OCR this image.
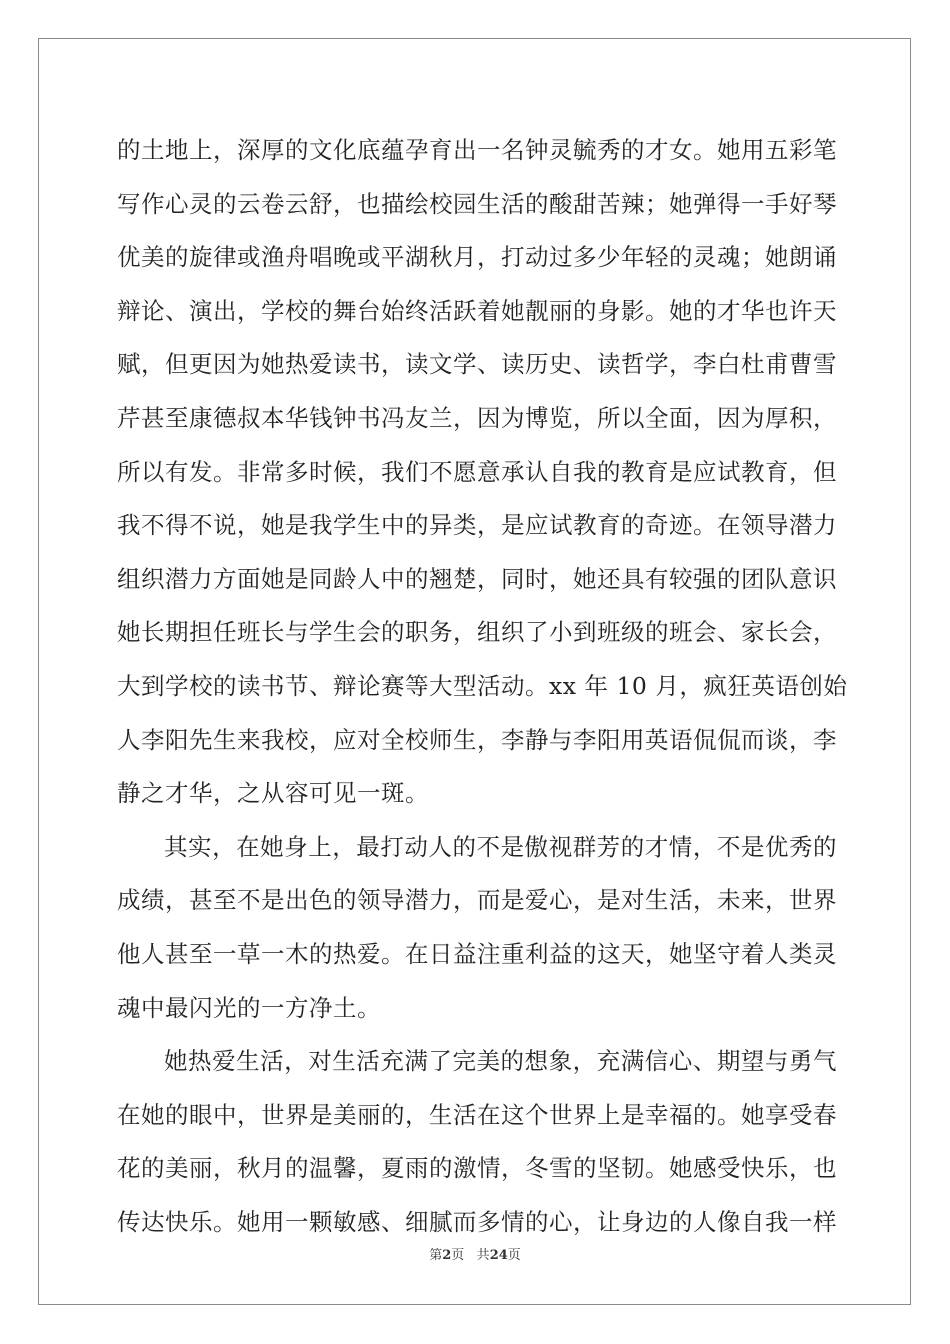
的土地上，深厚的文化底蕴孕育出一名钟灵毓秀的才女。她用五彩笔
写作心灵的云卷云舒，也描绘校园生活的酸甜苦辣；她弹得一手好琴
优美的旋律或渔舟唱晚或平湖秋月，打动过多少年轻的灵魂；她朗诵
辩论、演出，学校的舞台始终活跃着她靓丽的身影。她的才华也许天
赋，但更因为她热爱读书，读文学、读历史、读哲学，李白杜甫曹雪
芹甚至康德叔本华钱钟书冯友兰，因为博览，所以全面，因为厚积，
所以有发。非常多时候，我们不愿意承认自我的教育是应试教育，但
我不得不说，她是我学生中的异类，是应试教育的奇迹。在领导潜力
组织潜力方面她是同龄人中的翘楚，同时，她还具有较强的团队意识
她长期担任班长与学生会的职务，组织了小到班级的班会、家长会，
大到学校的读书节、辩论赛等大型活动。xx 年 10 月，疯狂英语创始
人李阳先生来我校，应对全校师生，李静与李阳用英语侃侃而谈，李
静之才华，之从容可见一斑。
其实，在她身上，最打动人的不是傲视群芳的才情，不是优秀的
成绩，甚至不是出色的领导潜力，而是爱心，是对生活，未来，世界
他人甚至一草一木的热爱。在日益注重利益的这天，她坚守着人类灵
魂中最闪光的一方净土。
她热爱生活，对生活充满了完美的想象，充满信心、期望与勇气
在她的眼中，世界是美丽的，生活在这个世界上是幸福的。她享受春
花的美丽，秋月的温馨，夏雨的激情，冬雪的坚韧。她感受快乐，也
传达快乐。她用一颗敏感、细腻而多情的心，让身边的人像自我一样
第2页 共24页
